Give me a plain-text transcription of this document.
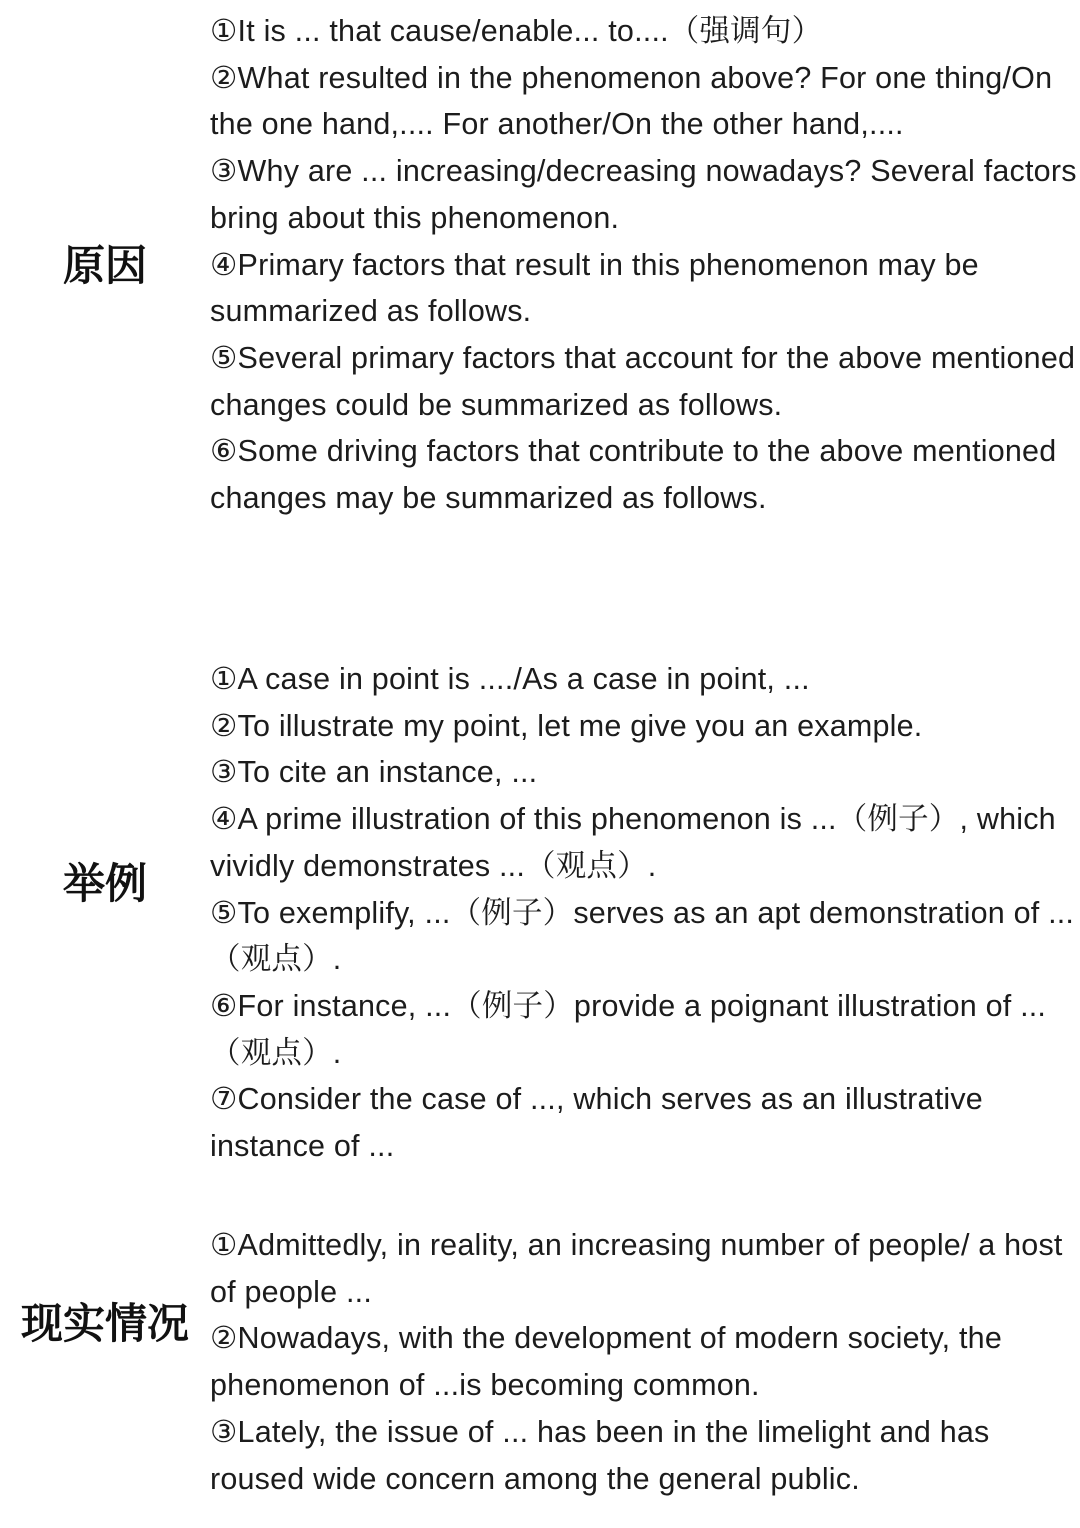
原因
①It is ... that cause/enable... to....（强调句）
②What resulted in the phenomenon above? For one thing/On the one hand,.... For another/On the other hand,....
③Why are ... increasing/decreasing nowadays? Several factors bring about this phenomenon.
④Primary factors that result in this phenomenon may be summarized as follows.
⑤Several primary factors that account for the above mentioned changes could be summarized as follows.
⑥Some driving factors that contribute to the above mentioned changes may be summarized as follows.
举例
①A case in point is ..../As a case in point, ...
②To illustrate my point, let me give you an example.
③To cite an instance, ...
④A prime illustration of this phenomenon is ...（例子）, which vividly demonstrates ...（观点）.
⑤To exemplify, ...（例子）serves as an apt demonstration of ...（观点）.
⑥For instance, ...（例子）provide a poignant illustration of ...（观点）.
⑦Consider the case of ..., which serves as an illustrative instance of ...
现实情况
①Admittedly, in reality, an increasing number of people/ a host of people ...
②Nowadays, with the development of modern society, the phenomenon of ...is becoming common.
③Lately, the issue of ... has been in the limelight and has roused wide concern among the general public.
